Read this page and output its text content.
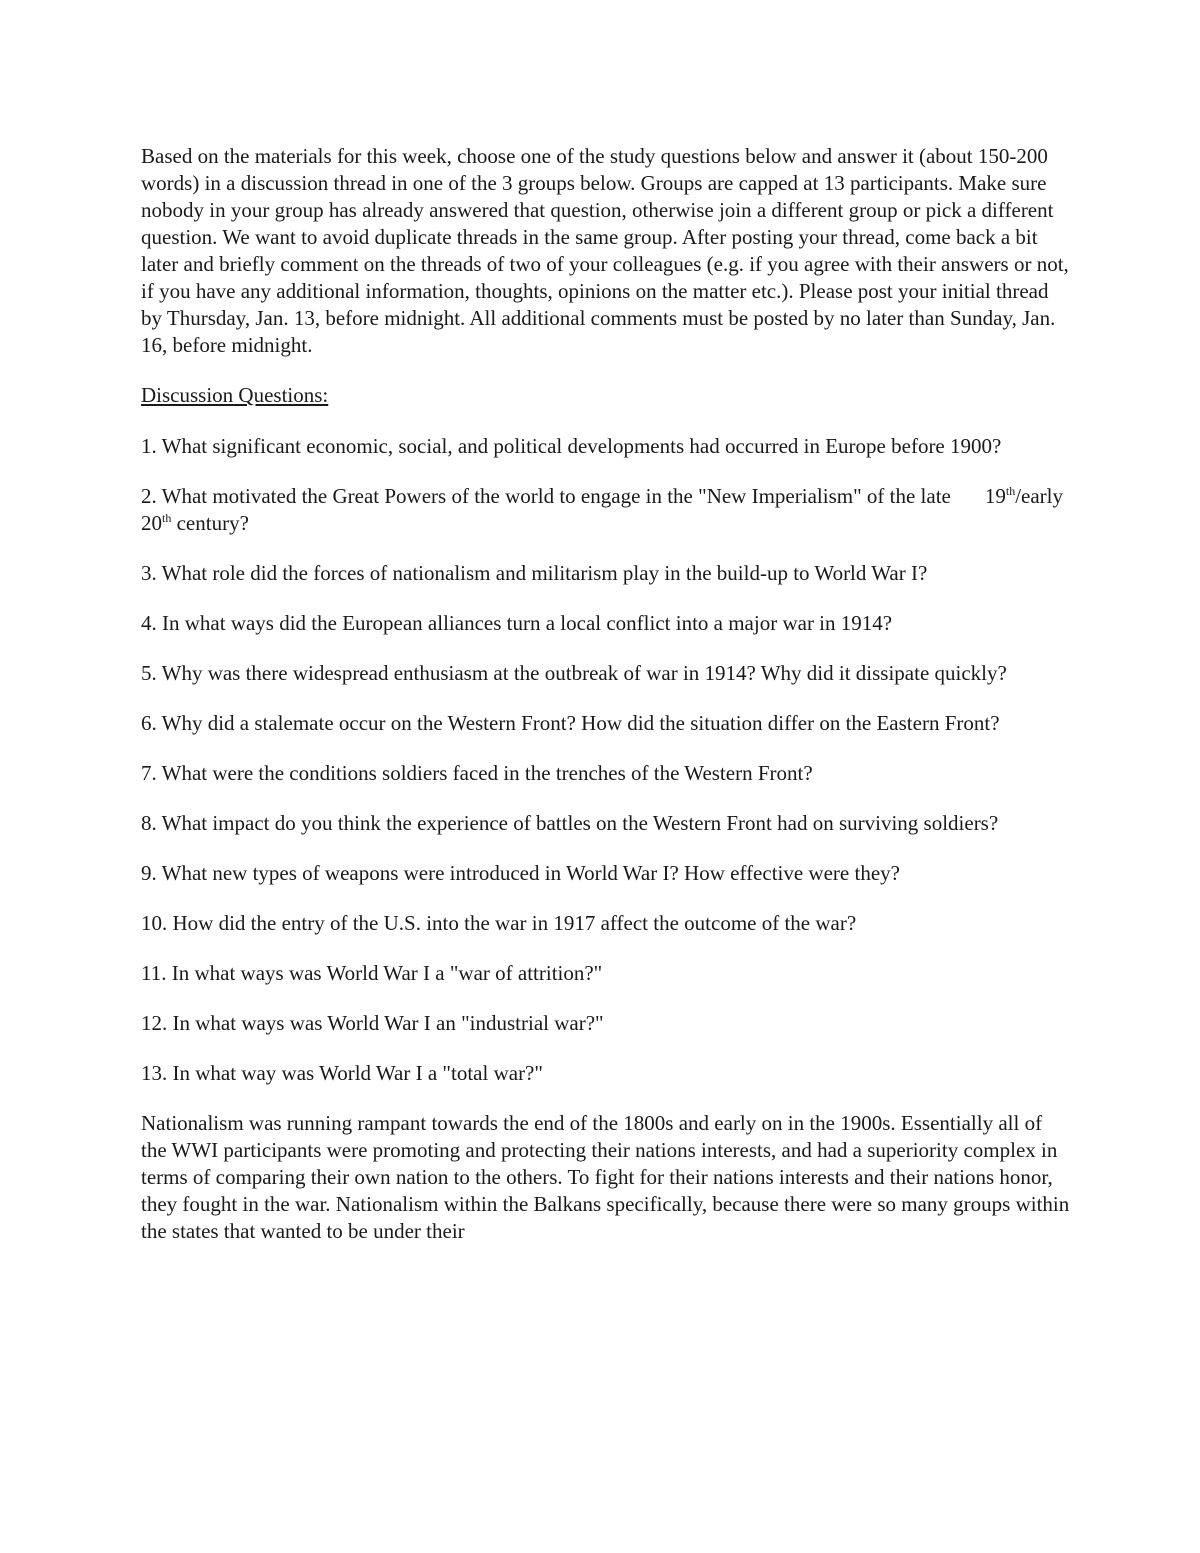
Based on the materials for this week, choose one of the study questions below and answer it (about 150-200 words) in a discussion thread in one of the 3 groups below. Groups are capped at 13 participants. Make sure nobody in your group has already answered that question, otherwise join a different group or pick a different question. We want to avoid duplicate threads in the same group. After posting your thread, come back a bit later and briefly comment on the threads of two of your colleagues (e.g. if you agree with their answers or not, if you have any additional information, thoughts, opinions on the matter etc.). Please post your initial thread by Thursday, Jan. 13, before midnight. All additional comments must be posted by no later than Sunday, Jan. 16, before midnight.

Discussion Questions:

1. What significant economic, social, and political developments had occurred in Europe before 1900?

2. What motivated the Great Powers of the world to engage in the "New Imperialism" of the late 19th/early 20th century?

3. What role did the forces of nationalism and militarism play in the build-up to World War I?

4. In what ways did the European alliances turn a local conflict into a major war in 1914?

5. Why was there widespread enthusiasm at the outbreak of war in 1914? Why did it dissipate quickly?

6. Why did a stalemate occur on the Western Front? How did the situation differ on the Eastern Front?

7. What were the conditions soldiers faced in the trenches of the Western Front?

8. What impact do you think the experience of battles on the Western Front had on surviving soldiers?

9. What new types of weapons were introduced in World War I? How effective were they?

10. How did the entry of the U.S. into the war in 1917 affect the outcome of the war?

11. In what ways was World War I a "war of attrition?"

12. In what ways was World War I an "industrial war?"

13. In what way was World War I a "total war?"

Nationalism was running rampant towards the end of the 1800s and early on in the 1900s. Essentially all of the WWI participants were promoting and protecting their nations interests, and had a superiority complex in terms of comparing their own nation to the others. To fight for their nations interests and their nations honor, they fought in the war. Nationalism within the Balkans specifically, because there were so many groups within the states that wanted to be under their
